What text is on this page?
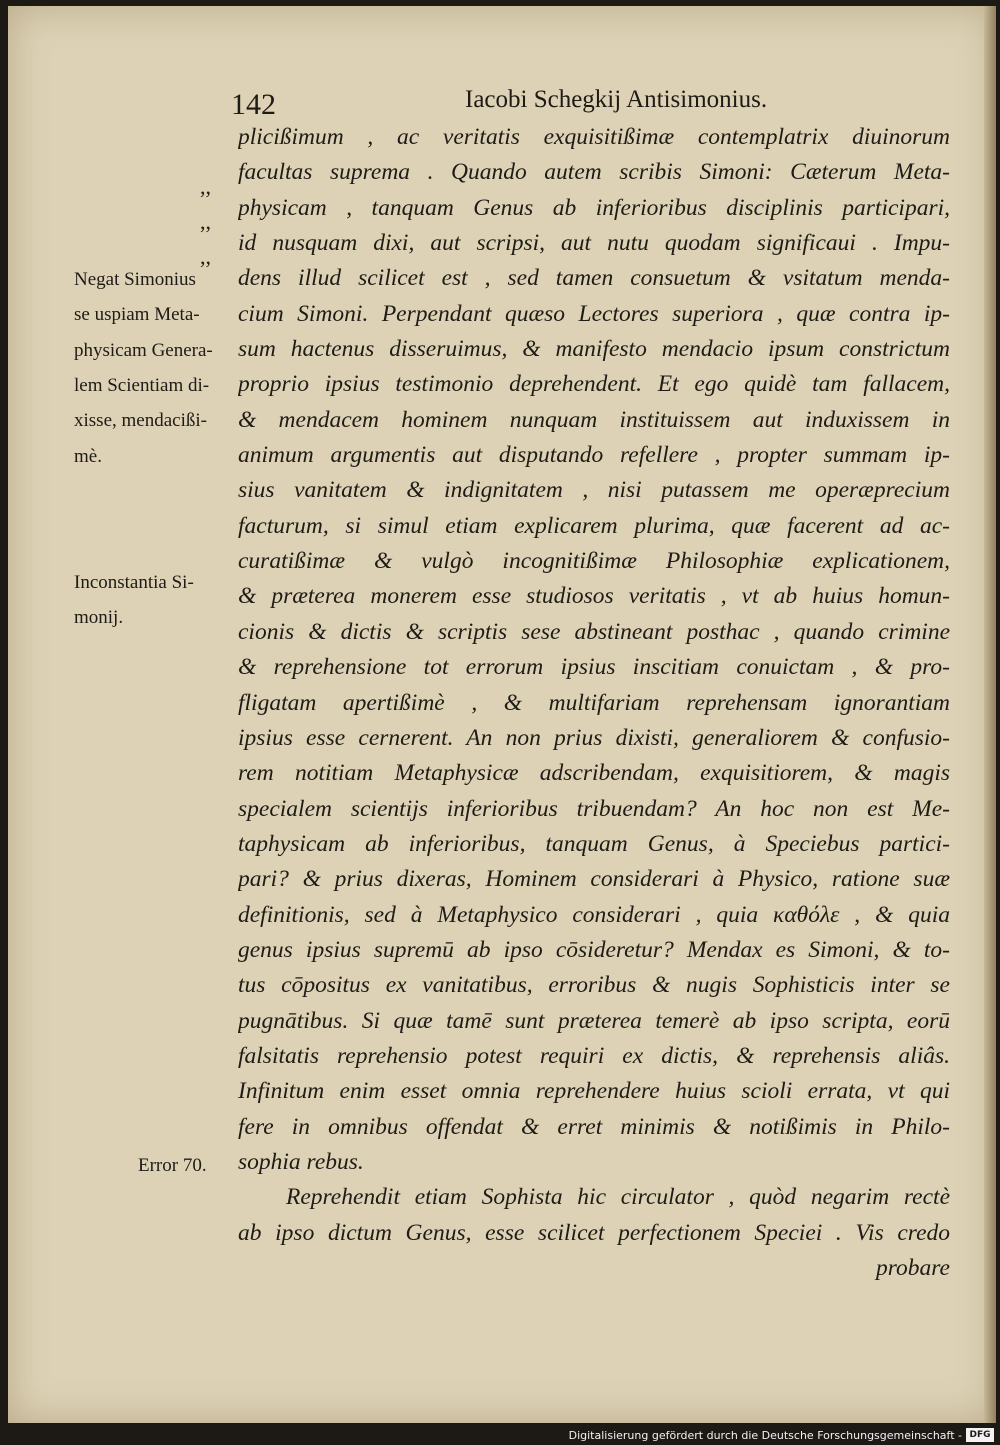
142	Iacobi Schegkij Antisimonius.
,,
,,
,,
plicißimum , ac veritatis exquisitißimæ contemplatrix diuinorum
facultas suprema . Quando autem scribis Simoni: Cæterum Meta-
physicam , tanquam Genus ab inferioribus disciplinis participari,
id nusquam dixi, aut scripsi, aut nutu quodam significaui . Impu-
dens illud scilicet est , sed tamen consuetum & vsitatum menda-
cium Simoni. Perpendant quæso Lectores superiora , quæ contra ip-
sum hactenus disseruimus, & manifesto mendacio ipsum constrictum
proprio ipsius testimonio deprehendent. Et ego quidè tam fallacem,
& mendacem hominem nunquam instituissem aut induxissem in
animum argumentis aut disputando refellere , propter summam ip-
sius vanitatem & indignitatem , nisi putassem me operæprecium
facturum, si simul etiam explicarem plurima, quæ facerent ad ac-
curatißimæ & vulgò incognitißimæ Philosophiæ explicationem,
& præterea monerem esse studiosos veritatis , vt ab huius homun-
cionis & dictis & scriptis sese abstineant posthac , quando crimine
& reprehensione tot errorum ipsius inscitiam conuictam , & pro-
fligatam apertißimè , & multifariam reprehensam ignorantiam
ipsius esse cernerent. An non prius dixisti, generaliorem & confusio-
rem notitiam Metaphysicæ adscribendam, exquisitiorem, & magis
specialem scientijs inferioribus tribuendam? An hoc non est Me-
taphysicam ab inferioribus, tanquam Genus, à Speciebus partici-
pari? & prius dixeras, Hominem considerari à Physico, ratione suæ
definitionis, sed à Metaphysico considerari , quia καθόλε , & quia
genus ipsius supremū ab ipso cōsideretur? Mendax es Simoni, & to-
tus cōpositus ex vanitatibus, erroribus & nugis Sophisticis inter se
pugnātibus. Si quæ tamē sunt præterea temerè ab ipso scripta, eorū
falsitatis reprehensio potest requiri ex dictis, & reprehensis aliâs.
Infinitum enim esset omnia reprehendere huius scioli errata, vt qui
fere in omnibus offendat & erret minimis & notißimis in Philo-
sophia rebus.
Reprehendit etiam Sophista hic circulator , quòd negarim rectè
ab ipso dictum Genus, esse scilicet perfectionem Speciei . Vis credo
probare
Negat Simonius
se uspiam Meta-
physicam Genera-
lem Scientiam di-
xisse, mendacißi-
mè.
Inconstantia Si-
monij.
Error 70.
Digitalisierung gefördert durch die Deutsche Forschungsgemeinschaft - DFG
